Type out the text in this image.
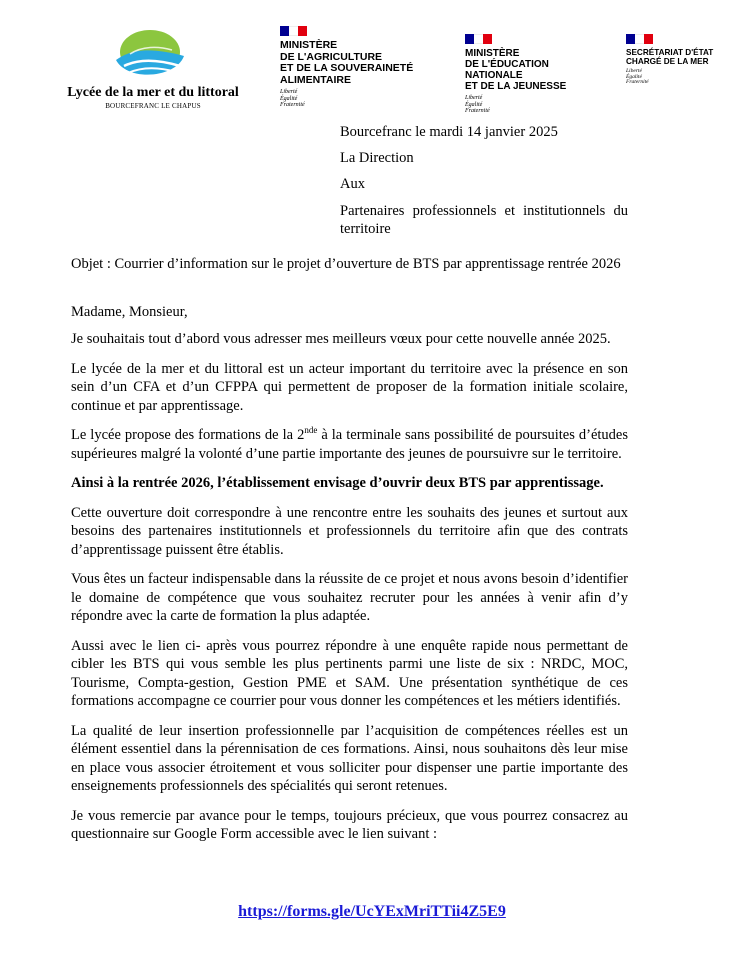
Lycée de la mer et du littoral
BOURCEFRANC LE CHAPUS
MINISTÈRE
DE L'AGRICULTURE
ET DE LA SOUVERAINETÉ
ALIMENTAIRE
Liberté
Égalité
Fraternité
MINISTÈRE
DE L'ÉDUCATION
NATIONALE
ET DE LA JEUNESSE
Liberté
Égalité
Fraternité
SECRÉTARIAT D'ÉTAT
CHARGÉ DE LA MER
Liberté
Égalité
Fraternité

Bourcefranc le mardi 14 janvier 2025

La Direction

Aux

Partenaires professionnels et institutionnels du territoire

Objet : Courrier d’information sur le projet d’ouverture de BTS par apprentissage rentrée 2026

Madame, Monsieur,

Je souhaitais tout d’abord vous adresser mes meilleurs vœux pour cette nouvelle année 2025.

Le lycée de la mer et du littoral est un acteur important du territoire avec la présence en son sein d’un CFA et d’un CFPPA qui permettent de proposer de la formation initiale scolaire, continue et par apprentissage.

Le lycée propose des formations de la 2nde à la terminale sans possibilité de poursuites d’études supérieures malgré la volonté d’une partie importante des jeunes de poursuivre sur le territoire.

Ainsi à la rentrée 2026, l’établissement envisage d’ouvrir deux BTS par apprentissage.

Cette ouverture doit correspondre à une rencontre entre les souhaits des jeunes et surtout aux besoins des partenaires institutionnels et professionnels du territoire afin que des contrats d’apprentissage puissent être établis.

Vous êtes un facteur indispensable dans la réussite de ce projet et nous avons besoin d’identifier le domaine de compétence que vous souhaitez recruter pour les années à venir afin d’y répondre avec la carte de formation la plus adaptée.

Aussi avec le lien ci- après vous pourrez répondre à une enquête rapide nous permettant de cibler les BTS qui vous semble les plus pertinents parmi une liste de six : NRDC, MOC, Tourisme, Compta-gestion, Gestion PME et SAM. Une présentation synthétique de ces formations accompagne ce courrier pour vous donner les compétences et les métiers identifiés.

La qualité de leur insertion professionnelle par l’acquisition de compétences réelles est un élément essentiel dans la pérennisation de ces formations. Ainsi, nous souhaitons dès leur mise en place vous associer étroitement et vous solliciter pour dispenser une partie importante des enseignements professionnels des spécialités qui seront retenues.

Je vous remercie par avance pour le temps, toujours précieux, que vous pourrez consacrez au questionnaire sur Google Form accessible avec le lien suivant :

https://forms.gle/UcYExMriTTii4Z5E9
